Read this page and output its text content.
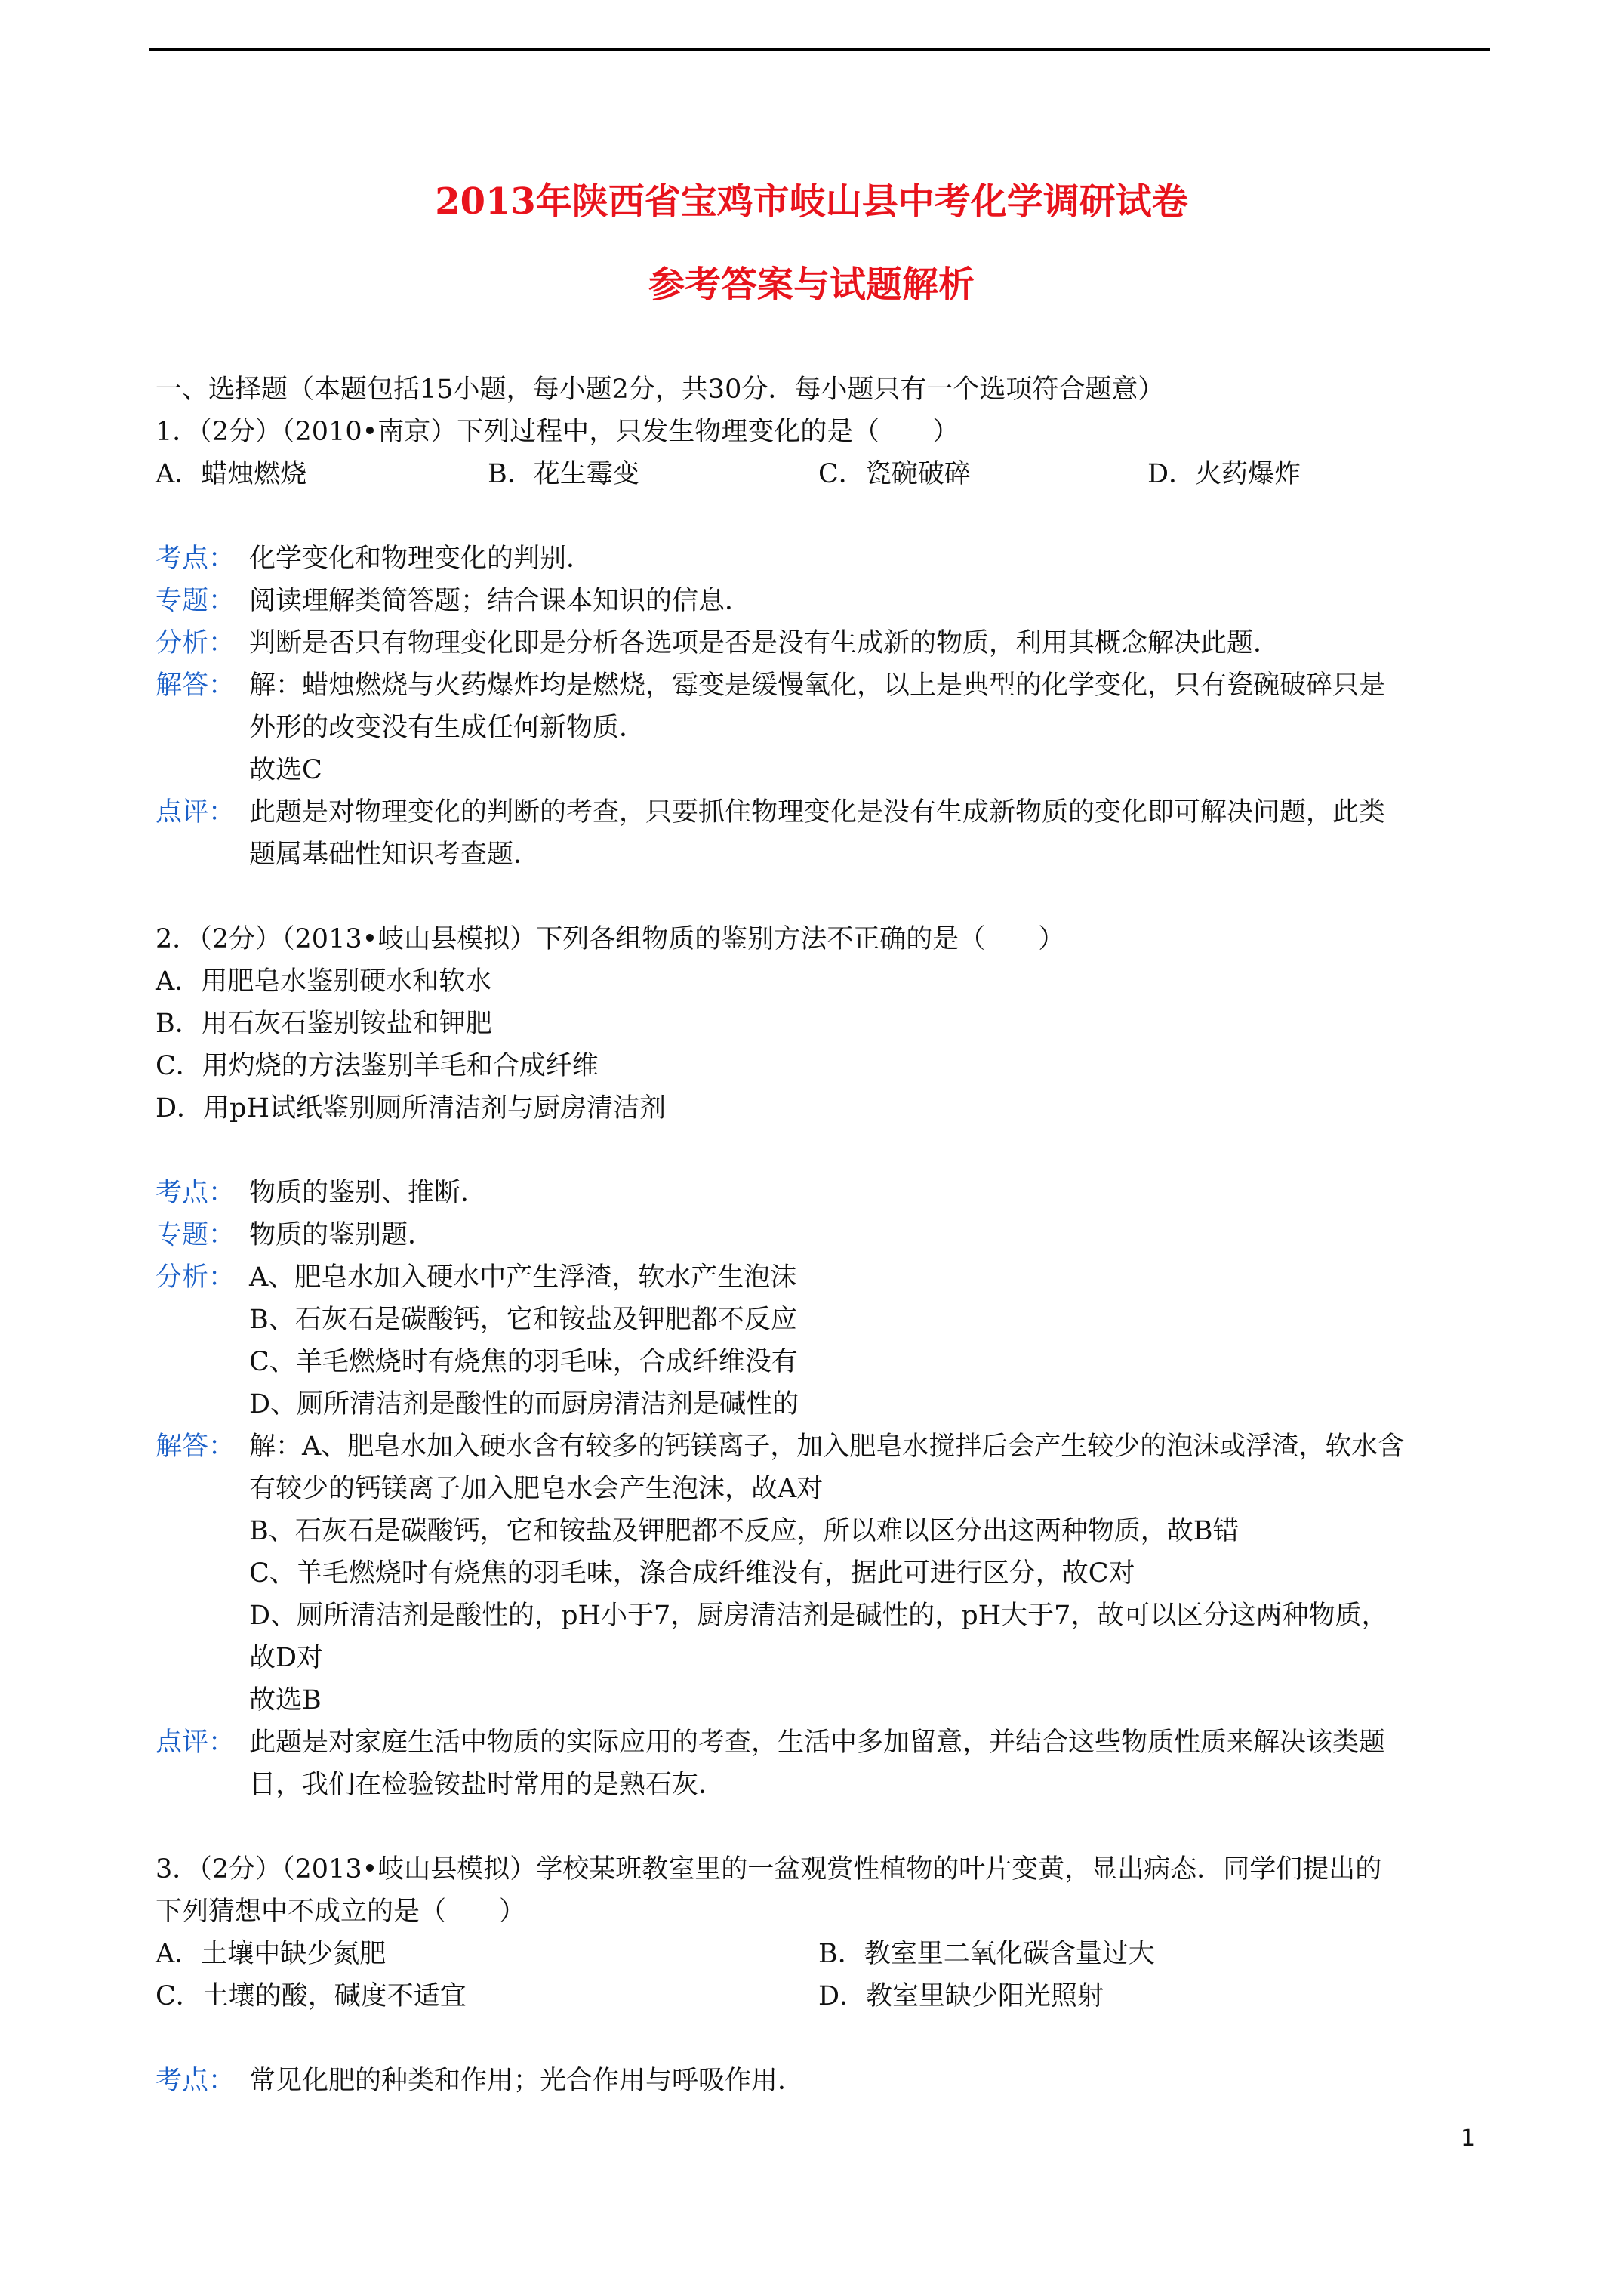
2013年陕西省宝鸡市岐山县中考化学调研试卷
参考答案与试题解析
一、选择题（本题包括15小题，每小题2分，共30分．每小题只有一个选项符合题意）
1．（2分）（2010•南京）下列过程中，只发生物理变化的是（　　）
A．蜡烛燃烧	B．花生霉变	C．瓷碗破碎	D．火药爆炸
考点： 化学变化和物理变化的判别．
专题： 阅读理解类简答题；结合课本知识的信息．
分析： 判断是否只有物理变化即是分析各选项是否是没有生成新的物质，利用其概念解决此题．
解答： 解：蜡烛燃烧与火药爆炸均是燃烧，霉变是缓慢氧化，以上是典型的化学变化，只有瓷碗破碎只是
外形的改变没有生成任何新物质．
故选C
点评： 此题是对物理变化的判断的考查，只要抓住物理变化是没有生成新物质的变化即可解决问题，此类
题属基础性知识考查题．
2．（2分）（2013•岐山县模拟）下列各组物质的鉴别方法不正确的是（　　）
A．用肥皂水鉴别硬水和软水
B．用石灰石鉴别铵盐和钾肥
C．用灼烧的方法鉴别羊毛和合成纤维
D．用pH试纸鉴别厕所清洁剂与厨房清洁剂
考点： 物质的鉴别、推断．
专题： 物质的鉴别题．
分析： A、肥皂水加入硬水中产生浮渣，软水产生泡沫
B、石灰石是碳酸钙，它和铵盐及钾肥都不反应
C、羊毛燃烧时有烧焦的羽毛味，合成纤维没有
D、厕所清洁剂是酸性的而厨房清洁剂是碱性的
解答： 解：A、肥皂水加入硬水含有较多的钙镁离子，加入肥皂水搅拌后会产生较少的泡沫或浮渣，软水含
有较少的钙镁离子加入肥皂水会产生泡沫，故A对
B、石灰石是碳酸钙，它和铵盐及钾肥都不反应，所以难以区分出这两种物质，故B错
C、羊毛燃烧时有烧焦的羽毛味，涤合成纤维没有，据此可进行区分，故C对
D、厕所清洁剂是酸性的，pH小于7，厨房清洁剂是碱性的，pH大于7，故可以区分这两种物质，
故D对
故选B
点评： 此题是对家庭生活中物质的实际应用的考查，生活中多加留意，并结合这些物质性质来解决该类题
目，我们在检验铵盐时常用的是熟石灰．
3．（2分）（2013•岐山县模拟）学校某班教室里的一盆观赏性植物的叶片变黄，显出病态．同学们提出的
下列猜想中不成立的是（　　）
A．土壤中缺少氮肥	B．教室里二氧化碳含量过大
C．土壤的酸，碱度不适宜	D．教室里缺少阳光照射
考点： 常见化肥的种类和作用；光合作用与呼吸作用．
1
